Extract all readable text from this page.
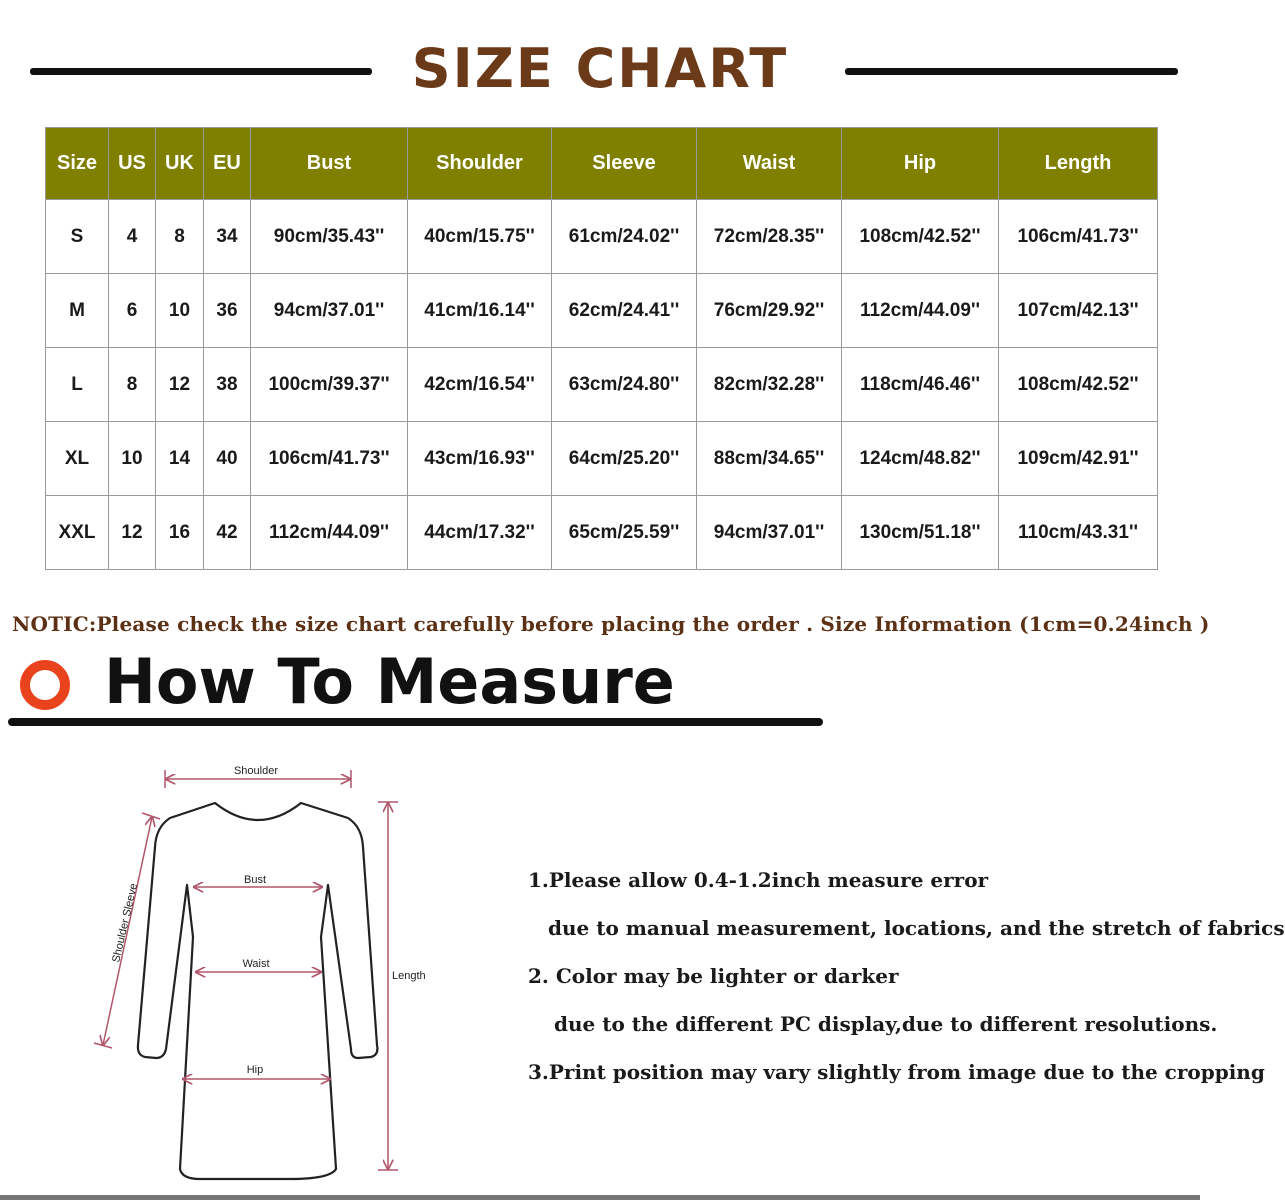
SIZE CHART
Size	US	UK	EU	Bust	Shoulder	Sleeve	Waist	Hip	Length
S	4	8	34	90cm/35.43''	40cm/15.75''	61cm/24.02''	72cm/28.35''	108cm/42.52''	106cm/41.73''
M	6	10	36	94cm/37.01''	41cm/16.14''	62cm/24.41''	76cm/29.92''	112cm/44.09''	107cm/42.13''
L	8	12	38	100cm/39.37''	42cm/16.54''	63cm/24.80''	82cm/32.28''	118cm/46.46''	108cm/42.52''
XL	10	14	40	106cm/41.73''	43cm/16.93''	64cm/25.20''	88cm/34.65''	124cm/48.82''	109cm/42.91''
XXL	12	16	42	112cm/44.09''	44cm/17.32''	65cm/25.59''	94cm/37.01''	130cm/51.18''	110cm/43.31''
NOTIC:Please check the size chart carefully before placing the order . Size Information (1cm=0.24inch )
How To Measure
Shoulder
Bust
Waist
Hip
Length
Shoulder Sleeve
1.Please allow 0.4-1.2inch measure error
due to manual measurement, locations, and the stretch of fabrics
2. Color may be lighter or darker
due to the different PC display,due to different resolutions.
3.Print position may vary slightly from image due to the cropping
